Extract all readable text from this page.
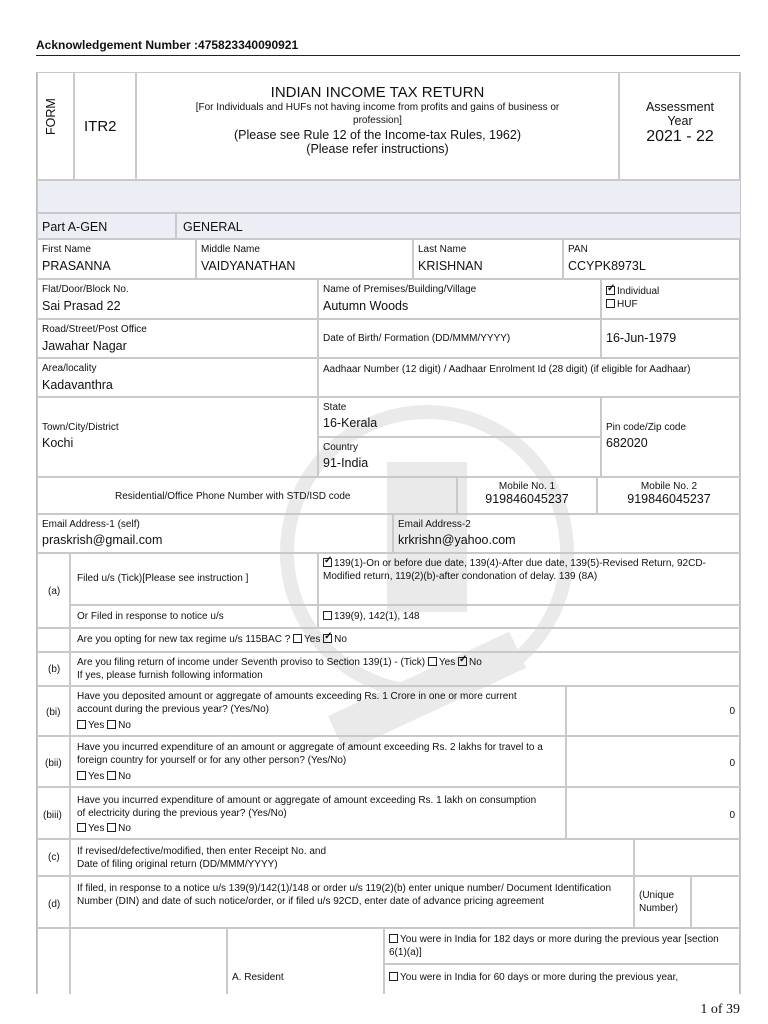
Acknowledgement Number :475823340090921
FORM ITR2
INDIAN INCOME TAX RETURN
[For Individuals and HUFs not having income from profits and gains of business or profession]
(Please see Rule 12 of the Income-tax Rules, 1962)
(Please refer instructions)
Assessment
Year
2021 - 22
Part A-GEN	GENERAL
First Name
PRASANNA
Middle Name
VAIDYANATHAN
Last Name
KRISHNAN
PAN
CCYPK8973L
Flat/Door/Block No.
Sai Prasad 22
Name of Premises/Building/Village
Autumn Woods
✓Individual
HUF
Road/Street/Post Office
Jawahar Nagar
Date of Birth/ Formation (DD/MMM/YYYY)	16-Jun-1979
Area/locality
Kadavanthra
Aadhaar Number (12 digit) / Aadhaar Enrolment Id (28 digit) (if eligible for Aadhaar)
Town/City/District
Kochi
State
16-Kerala
Country
91-India
Pin code/Zip code
682020
Residential/Office Phone Number with STD/ISD code
Mobile No. 1
919846045237
Mobile No. 2
919846045237
Email Address-1 (self)
praskrish@gmail.com
Email Address-2
krkrishn@yahoo.com
(a)
Filed u/s (Tick)[Please see instruction ]
✓139(1)-On or before due date, 139(4)-After due date, 139(5)-Revised Return, 92CD-Modified return, 119(2)(b)-after condonation of delay. 139 (8A)
Or Filed in response to notice u/s	139(9), 142(1), 148
Are you opting for new tax regime u/s 115BAC ? Yes ✓ No
(b)
Are you filing return of income under Seventh proviso to Section 139(1) - (Tick) Yes ✓ No
If yes, please furnish following information
(bi)
Have you deposited amount or aggregate of amounts exceeding Rs. 1 Crore in one or more current account during the previous year? (Yes/No)
Yes No
0
(bii)
Have you incurred expenditure of an amount or aggregate of amount exceeding Rs. 2 lakhs for travel to a foreign country for yourself or for any other person? (Yes/No)
Yes No
0
(biii)
Have you incurred expenditure of amount or aggregate of amount exceeding Rs. 1 lakh on consumption of electricity during the previous year? (Yes/No)
Yes No
0
(c)
If revised/defective/modified, then enter Receipt No. and Date of filing original return (DD/MMM/YYYY)
(d)
If filed, in response to a notice u/s 139(9)/142(1)/148 or order u/s 119(2)(b) enter unique number/ Document Identification Number (DIN) and date of such notice/order, or if filed u/s 92CD, enter date of advance pricing agreement	(Unique Number)
A. Resident
You were in India for 182 days or more during the previous year [section 6(1)(a)]
You were in India for 60 days or more during the previous year,
1 of 39
